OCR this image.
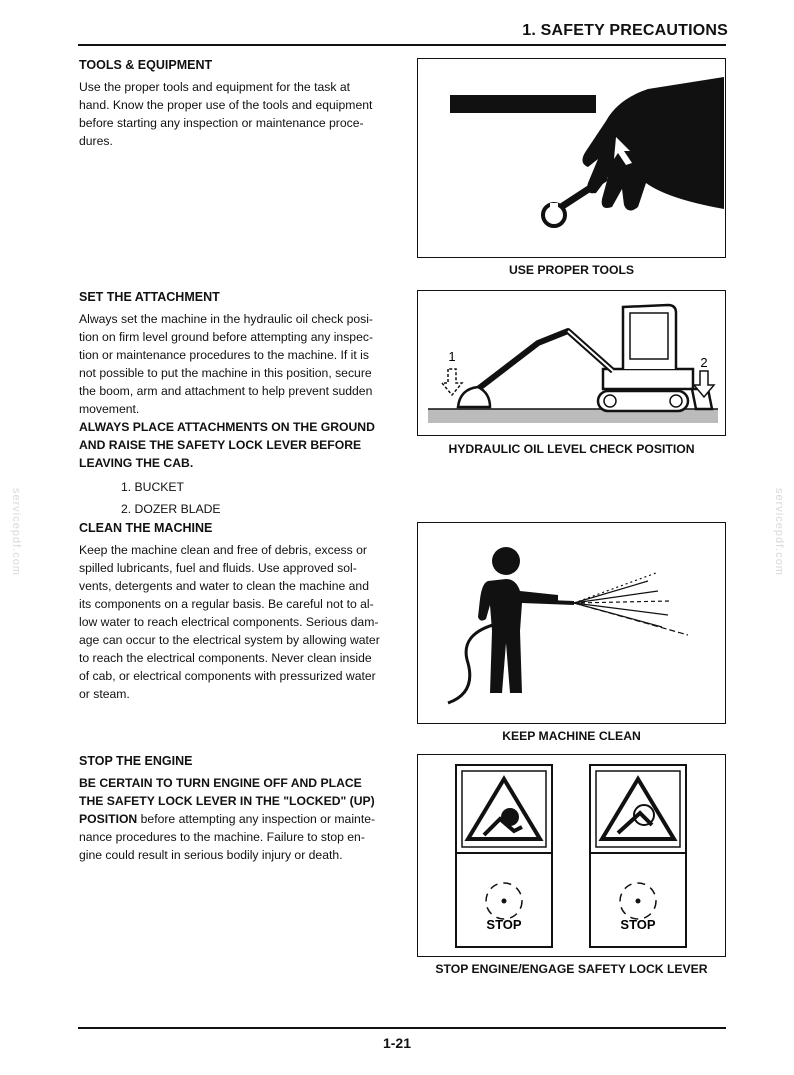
1. SAFETY PRECAUTIONS
servicepdf.com	servicepdf.com
TOOLS & EQUIPMENT
Use the proper tools and equipment for the task at
hand. Know the proper use of the tools and equipment
before starting any inspection or maintenance proce-
dures.
USE PROPER TOOLS
SET THE ATTACHMENT
Always set the machine in the hydraulic oil check posi-
tion on firm level ground before attempting any inspec-
tion or maintenance procedures to the machine. If it is
not possible to put the machine in this position, secure
the boom, arm and attachment to help prevent sudden
movement.
ALWAYS PLACE ATTACHMENTS ON THE GROUND
AND RAISE THE SAFETY LOCK LEVER BEFORE
LEAVING THE CAB.
1. BUCKET
2. DOZER BLADE
1	2
HYDRAULIC OIL LEVEL CHECK POSITION
CLEAN THE MACHINE
Keep the machine clean and free of debris, excess or
spilled lubricants, fuel and fluids. Use approved sol-
vents, detergents and water to clean the machine and
its components on a regular basis. Be careful not to al-
low water to reach electrical components. Serious dam-
age can occur to the electrical system by allowing water
to reach the electrical components. Never clean inside
of cab, or electrical components with pressurized water
or steam.
KEEP MACHINE CLEAN
STOP THE ENGINE
BE CERTAIN TO TURN ENGINE OFF AND PLACE
THE SAFETY LOCK LEVER IN THE "LOCKED" (UP)
POSITION before attempting any inspection or mainte-
nance procedures to the machine. Failure to stop en-
gine could result in serious bodily injury or death.
STOP	STOP
STOP ENGINE/ENGAGE SAFETY LOCK LEVER
1-21
